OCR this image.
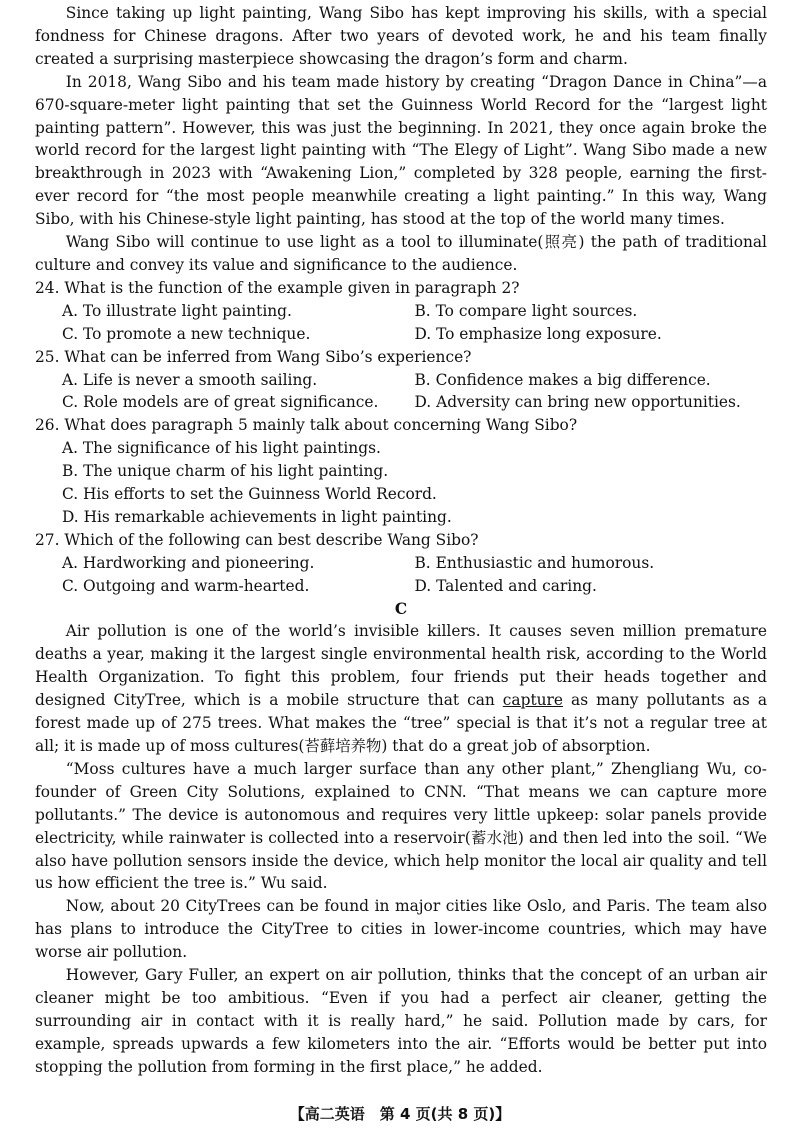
Since taking up light painting, Wang Sibo has kept improving his skills, with a special fondness for Chinese dragons. After two years of devoted work, he and his team finally created a surprising masterpiece showcasing the dragon’s form and charm.

In 2018, Wang Sibo and his team made history by creating “Dragon Dance in China”—a 670-square-meter light painting that set the Guinness World Record for the “largest light painting pattern”. However, this was just the beginning. In 2021, they once again broke the world record for the largest light painting with “The Elegy of Light”. Wang Sibo made a new breakthrough in 2023 with “Awakening Lion,” completed by 328 people, earning the first-ever record for “the most people meanwhile creating a light painting.” In this way, Wang Sibo, with his Chinese-style light painting, has stood at the top of the world many times.

Wang Sibo will continue to use light as a tool to illuminate(照亮) the path of traditional culture and convey its value and significance to the audience.

24. What is the function of the example given in paragraph 2?
A. To illustrate light painting.	B. To compare light sources.
C. To promote a new technique.	D. To emphasize long exposure.
25. What can be inferred from Wang Sibo’s experience?
A. Life is never a smooth sailing.	B. Confidence makes a big difference.
C. Role models are of great significance.	D. Adversity can bring new opportunities.
26. What does paragraph 5 mainly talk about concerning Wang Sibo?
A. The significance of his light paintings.
B. The unique charm of his light painting.
C. His efforts to set the Guinness World Record.
D. His remarkable achievements in light painting.
27. Which of the following can best describe Wang Sibo?
A. Hardworking and pioneering.	B. Enthusiastic and humorous.
C. Outgoing and warm-hearted.	D. Talented and caring.
C

Air pollution is one of the world’s invisible killers. It causes seven million premature deaths a year, making it the largest single environmental health risk, according to the World Health Organization. To fight this problem, four friends put their heads together and designed CityTree, which is a mobile structure that can capture as many pollutants as a forest made up of 275 trees. What makes the “tree” special is that it’s not a regular tree at all; it is made up of moss cultures(苔藓培养物) that do a great job of absorption.

“Moss cultures have a much larger surface than any other plant,” Zhengliang Wu, co-founder of Green City Solutions, explained to CNN. “That means we can capture more pollutants.” The device is autonomous and requires very little upkeep: solar panels provide electricity, while rainwater is collected into a reservoir(蓄水池) and then led into the soil. “We also have pollution sensors inside the device, which help monitor the local air quality and tell us how efficient the tree is.” Wu said.

Now, about 20 CityTrees can be found in major cities like Oslo, and Paris. The team also has plans to introduce the CityTree to cities in lower-income countries, which may have worse air pollution.

However, Gary Fuller, an expert on air pollution, thinks that the concept of an urban air cleaner might be too ambitious. “Even if you had a perfect air cleaner, getting the surrounding air in contact with it is really hard,” he said. Pollution made by cars, for example, spreads upwards a few kilometers into the air. “Efforts would be better put into stopping the pollution from forming in the first place,” he added.

【高二英语　第 4 页(共 8 页)】
